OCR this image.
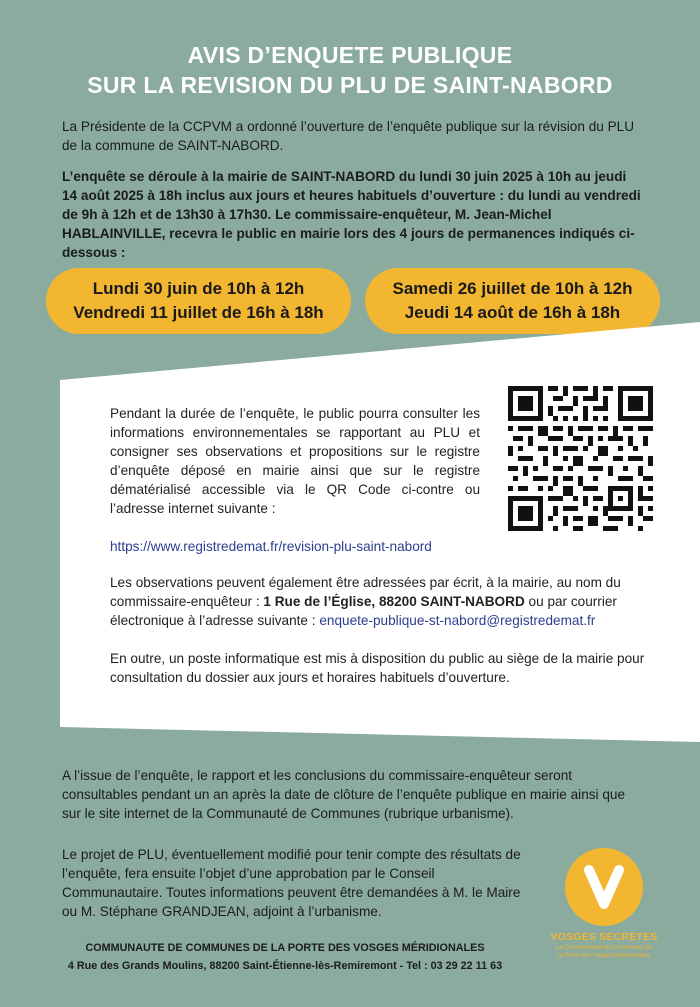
AVIS D’ENQUETE PUBLIQUE
SUR LA REVISION DU PLU DE SAINT-NABORD

La Présidente de la CCPVM a ordonné l’ouverture de l’enquête publique sur la révision du PLU de la commune de SAINT-NABORD.

L’enquête se déroule à la mairie de SAINT-NABORD du lundi 30 juin 2025 à 10h au jeudi 14 août 2025 à 18h inclus aux jours et heures habituels d’ouverture : du lundi au vendredi de 9h à 12h et de 13h30 à 17h30. Le commissaire-enquêteur, M. Jean-Michel HABLAINVILLE, recevra le public en mairie lors des 4 jours de permanences indiqués ci-dessous :

Lundi 30 juin de 10h à 12h
Vendredi 11 juillet de 16h à 18h
Samedi 26 juillet de 10h à 12h
Jeudi 14 août de 16h à 18h
Pendant la durée de l’enquête, le public pourra consulter les informations environnementales se rapportant au PLU et consigner ses observations et propositions sur le registre d’enquête déposé en mairie ainsi que sur le registre dématérialisé accessible via le QR Code ci-contre ou l’adresse internet suivante :
https://www.registredemat.fr/revision-plu-saint-nabord
Les observations peuvent également être adressées par écrit, à la mairie, au nom du commissaire-enquêteur : 1 Rue de l’Église, 88200 SAINT-NABORD ou par courrier électronique à l’adresse suivante : enquete-publique-st-nabord@registredemat.fr
En outre, un poste informatique est mis à disposition du public au siège de la mairie pour consultation du dossier aux jours et horaires habituels d’ouverture.
A l’issue de l’enquête, le rapport et les conclusions du commissaire-enquêteur seront consultables pendant un an après la date de clôture de l’enquête publique en mairie ainsi que sur le site internet de la Communauté de Communes (rubrique urbanisme).
Le projet de PLU, éventuellement modifié pour tenir compte des résultats de l’enquête, fera ensuite l’objet d’une approbation par le Conseil Communautaire. Toutes informations peuvent être demandées à M. le Maire ou M. Stéphane GRANDJEAN, adjoint à l’urbanisme.
VOSGES SECRÈTES
La Communauté de Communes de
la Porte des Vosges Méridionales
COMMUNAUTE DE COMMUNES DE LA PORTE DES VOSGES MÉRIDIONALES
4 Rue des Grands Moulins, 88200 Saint-Étienne-lès-Remiremont - Tel : 03 29 22 11 63
